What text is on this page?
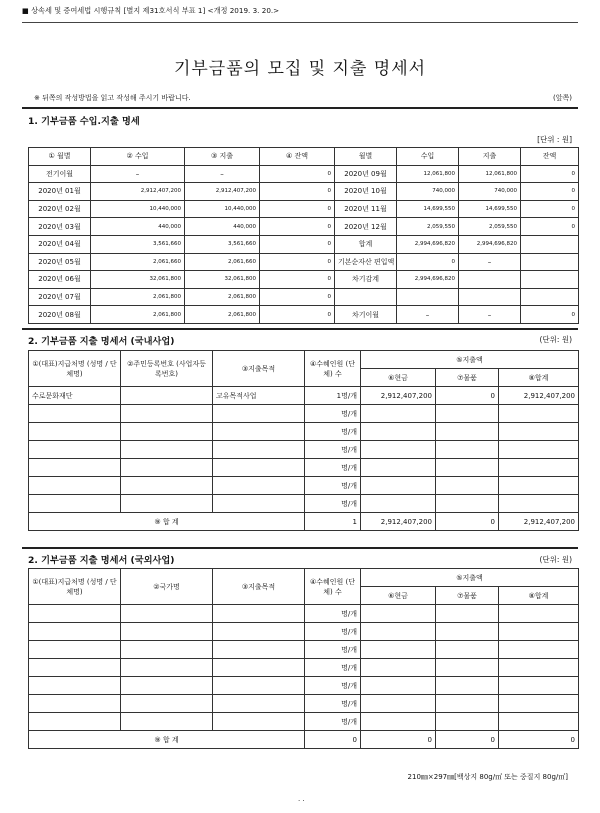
■ 상속세 및 증여세법 시행규칙 [별지 제31호서식 부표 1] <개정 2019. 3. 20.>
기부금품의 모집 및 지출 명세서
※ 뒤쪽의 작성방법을 읽고 작성해 주시기 바랍니다.	(앞쪽)
1. 기부금품 수입.지출 명세
[단위 : 원]
① 월별	② 수입	③ 지출	④ 잔액	월별	수입	지출	잔액
전기이월	–	–	0	2020년 09월	12,061,800	12,061,800	0
2020년 01월	2,912,407,200	2,912,407,200	0	2020년 10월	740,000	740,000	0
2020년 02월	10,440,000	10,440,000	0	2020년 11월	14,699,550	14,699,550	0
2020년 03월	440,000	440,000	0	2020년 12월	2,059,550	2,059,550	0
2020년 04월	3,561,660	3,561,660	0	합계	2,994,696,820	2,994,696,820	
2020년 05월	2,061,660	2,061,660	0	기본순자산 편입액	0	–	
2020년 06월	32,061,800	32,061,800	0	차기감계	2,994,696,820		
2020년 07월	2,061,800	2,061,800	0				
2020년 08월	2,061,800	2,061,800	0	차기이월	–	–	0
2. 기부금품 지출 명세서 (국내사업)	(단위: 원)
①(대표)지급처명 (성명 / 단체명)	②주민등록번호 (사업자등록번호)	③지출목적	④수혜인원 (단체) 수	⑤지출액		
				⑥현금	⑦물품	⑧합계
수로문화재단		고유목적사업	1명/개	2,912,407,200	0	2,912,407,200
			명/개			
			명/개			
			명/개			
			명/개			
			명/개			
			명/개			
⑨ 합 계			1	2,912,407,200	0	2,912,407,200
2. 기부금품 지출 명세서 (국외사업)	(단위: 원)
①(대표)지급처명 (성명 / 단체명)	②국가명	③지출목적	④수혜인원 (단체) 수	⑤지출액		
				⑥현금	⑦물품	⑧합계
			명/개			
			명/개			
			명/개			
			명/개			
			명/개			
			명/개			
			명/개			
⑨ 합 계			0	0	0	0
210㎜×297㎜[백상지 80g/㎡ 또는 중질지 80g/㎡]
· ·
